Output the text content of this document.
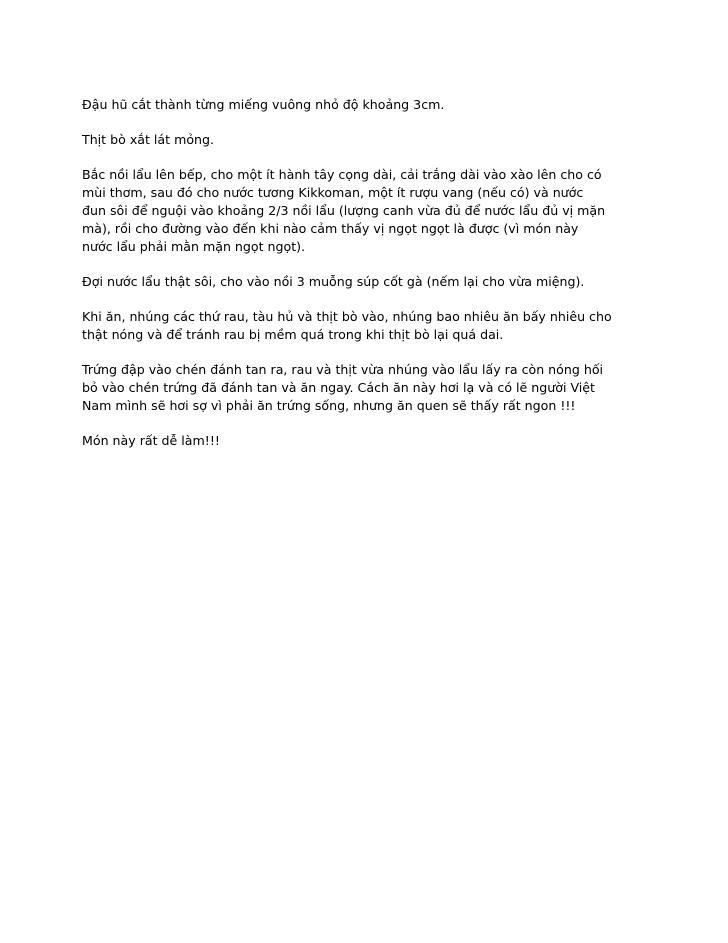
Đậu hũ cắt thành từng miếng vuông nhỏ độ khoảng 3cm.

Thịt bò xắt lát mỏng.

Bắc nồi lẩu lên bếp, cho một ít hành tây cọng dài, cải trắng dài vào xào lên cho có
mùi thơm, sau đó cho nước tương Kikkoman, một ít rượu vang (nếu có) và nước
đun sôi để nguội vào khoảng 2/3 nồi lẩu (lượng canh vừa đủ để nước lẩu đủ vị mặn
mà), rồi cho đường vào đến khi nào cảm thấy vị ngọt ngọt là được (vì món này
nước lẩu phải mằn mặn ngọt ngọt).

Đợi nước lẩu thật sôi, cho vào nồi 3 muỗng súp cốt gà (nếm lại cho vừa miệng).

Khi ăn, nhúng các thứ rau, tàu hủ và thịt bò vào, nhúng bao nhiêu ăn bấy nhiêu cho
thật nóng và để tránh rau bị mềm quá trong khi thịt bò lại quá dai.

Trứng đập vào chén đánh tan ra, rau và thịt vừa nhúng vào lẩu lấy ra còn nóng hối
bỏ vào chén trứng đã đánh tan và ăn ngay. Cách ăn này hơi lạ và có lẽ người Việt
Nam mình sẽ hơi sợ vì phải ăn trứng sống, nhưng ăn quen sẽ thấy rất ngon !!!

Món này rất dễ làm!!!
